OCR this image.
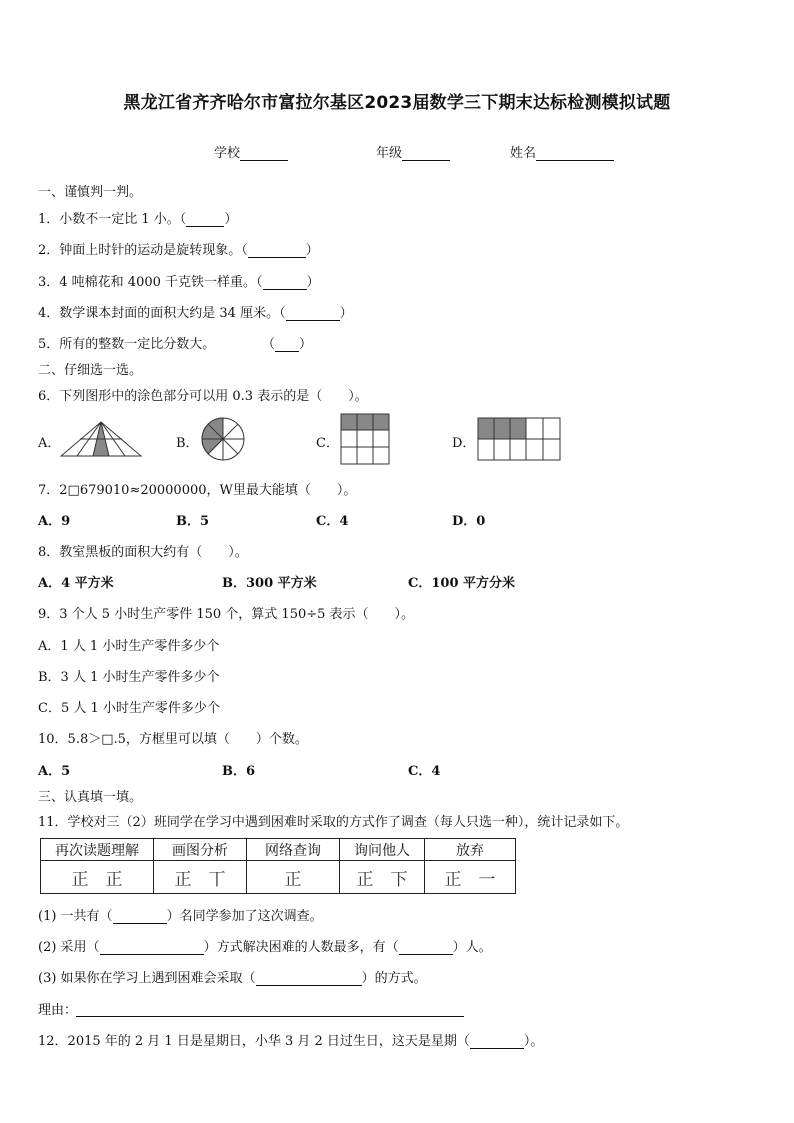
黑龙江省齐齐哈尔市富拉尔基区2023届数学三下期末达标检测模拟试题
学校	年级	姓名
一、谨慎判一判。
1．小数不一定比 1 小。（	）
2．钟面上时针的运动是旋转现象。（	）
3．4 吨棉花和 4000 千克铁一样重。（	）
4．数学课本封面的面积大约是 34 厘米。（	）
5．所有的整数一定比分数大。	（ ）
二、仔细选一选。
6．下列图形中的涂色部分可以用 0.3 表示的是（　　）。
A．	B．	C．	D．
7．2□679010≈20000000，W里最大能填（　　）。
A．9	B．5	C．4	D．0
8．教室黑板的面积大约有（　　）。
A．4 平方米	B．300 平方米	C．100 平方分米
9．3 个人 5 小时生产零件 150 个，算式 150÷5 表示（　　）。
A．1 人 1 小时生产零件多少个
B．3 人 1 小时生产零件多少个
C．5 人 1 小时生产零件多少个
10．5.8＞□.5，方框里可以填（　　）个数。
A．5	B．6	C．4
三、认真填一填。
11．学校对三（2）班同学在学习中遇到困难时采取的方式作了调查（每人只选一种），统计记录如下。
再次读题理解	画图分析	网络查询	询问他人	放弃
正　正	正　丅	正	正　下	正　一
(1) 一共有（	）名同学参加了这次调查。
(2) 采用（	）方式解决困难的人数最多，有（	）人。
(3) 如果你在学习上遇到困难会采取（	）的方式。
理由：
12．2015 年的 2 月 1 日是星期日，小华 3 月 2 日过生日，这天是星期（	）。
